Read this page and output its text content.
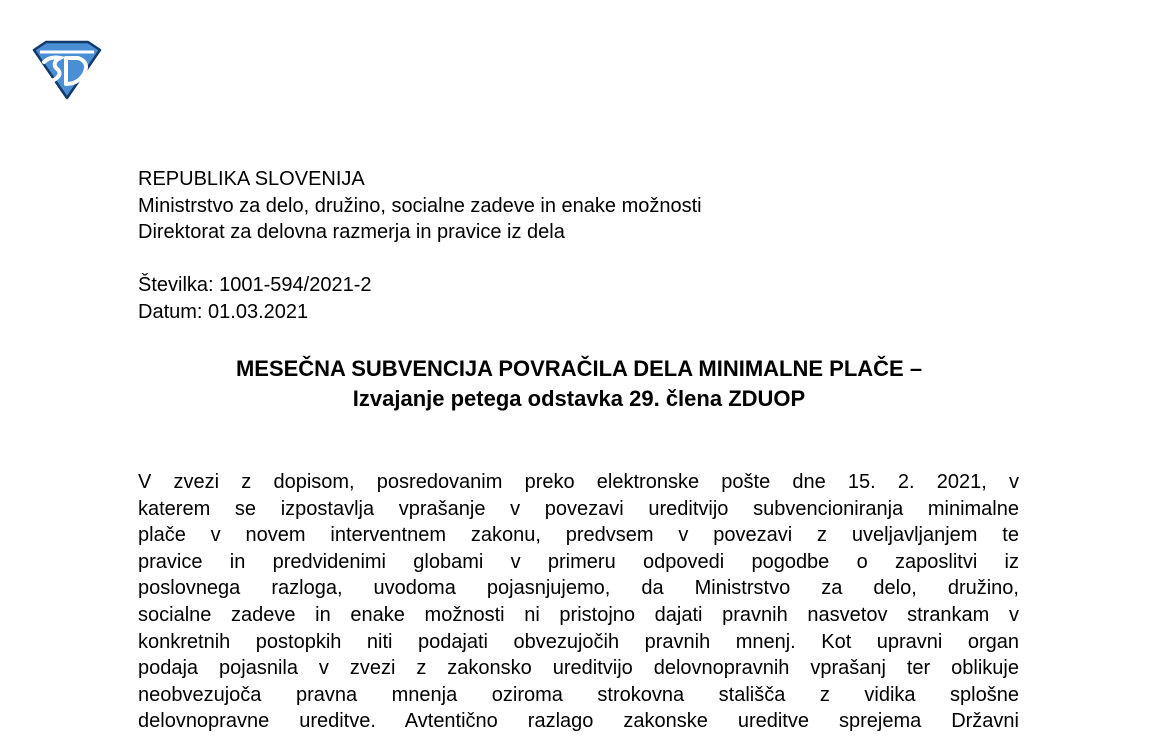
REPUBLIKA SLOVENIJA
Ministrstvo za delo, družino, socialne zadeve in enake možnosti
Direktorat za delovna razmerja in pravice iz dela
Številka: 1001-594/2021-2
Datum: 01.03.2021
MESEČNA SUBVENCIJA POVRAČILA DELA MINIMALNE PLAČE –
Izvajanje petega odstavka 29. člena ZDUOP
V zvezi z dopisom, posredovanim preko elektronske pošte dne 15. 2. 2021, v
katerem se izpostavlja vprašanje v povezavi ureditvijo subvencioniranja minimalne
plače v novem interventnem zakonu, predvsem v povezavi z uveljavljanjem te
pravice in predvidenimi globami v primeru odpovedi pogodbe o zaposlitvi iz
poslovnega razloga, uvodoma pojasnjujemo, da Ministrstvo za delo, družino,
socialne zadeve in enake možnosti ni pristojno dajati pravnih nasvetov strankam v
konkretnih postopkih niti podajati obvezujočih pravnih mnenj. Kot upravni organ
podaja pojasnila v zvezi z zakonsko ureditvijo delovnopravnih vprašanj ter oblikuje
neobvezujoča pravna mnenja oziroma strokovna stališča z vidika splošne
delovnopravne ureditve. Avtentično razlago zakonske ureditve sprejema Državni
